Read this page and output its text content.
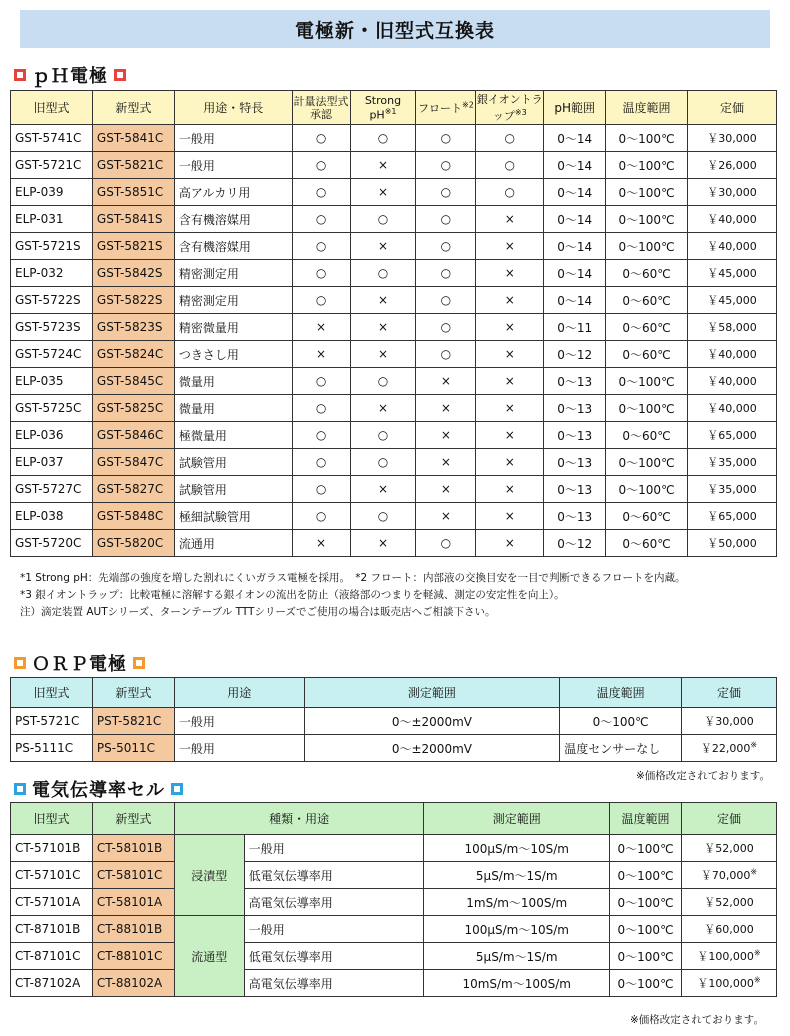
電極新・旧型式互換表
ｐＨ電極
旧型式	新型式	用途・特長	計量法型式承認	Strong $pH^{※1}$	フロート$^{※2}$	銀イオントラップ$^{※3}$	pH範囲	温度範囲	定価
GST-5741C	GST-5841C	一般用	○	○	○	○	0〜14	0〜100℃	￥30,000
GST-5721C	GST-5821C	一般用	○	×	○	○	0〜14	0〜100℃	￥26,000
ELP-039	GST-5851C	高アルカリ用	○	×	○	○	0〜14	0〜100℃	￥30,000
ELP-031	GST-5841S	含有機溶媒用	○	○	○	×	0〜14	0〜100℃	￥40,000
GST-5721S	GST-5821S	含有機溶媒用	○	×	○	×	0〜14	0〜100℃	￥40,000
ELP-032	GST-5842S	精密測定用	○	○	○	×	0〜14	0〜60℃	￥45,000
GST-5722S	GST-5822S	精密測定用	○	×	○	×	0〜14	0〜60℃	￥45,000
GST-5723S	GST-5823S	精密微量用	×	×	○	×	0〜11	0〜60℃	￥58,000
GST-5724C	GST-5824C	つきさし用	×	×	○	×	0〜12	0〜60℃	￥40,000
ELP-035	GST-5845C	微量用	○	○	×	×	0〜13	0〜100℃	￥40,000
GST-5725C	GST-5825C	微量用	○	×	×	×	0〜13	0〜100℃	￥40,000
ELP-036	GST-5846C	極微量用	○	○	×	×	0〜13	0〜60℃	￥65,000
ELP-037	GST-5847C	試験管用	○	○	×	×	0〜13	0〜100℃	￥35,000
GST-5727C	GST-5827C	試験管用	○	×	×	×	0〜13	0〜100℃	￥35,000
ELP-038	GST-5848C	極細試験管用	○	○	×	×	0〜13	0〜60℃	￥65,000
GST-5720C	GST-5820C	流通用	×	×	○	×	0〜12	0〜60℃	￥50,000
*1 Strong pH：先端部の強度を増した割れにくいガラス電極を採用。　*2 フロート：内部液の交換目安を一目で判断できるフロートを内蔵。
*3 銀イオントラップ：比較電極に溶解する銀イオンの流出を防止（液絡部のつまりを軽減、測定の安定性を向上）。
注）滴定装置 AUTシリーズ、ターンテーブル TTTシリーズでご使用の場合は販売店へご相談下さい。
ＯＲＰ電極
旧型式	新型式	用途	測定範囲	温度範囲	定価
PST-5721C	PST-5821C	一般用	0〜±2000mV	0〜100℃	￥30,000
PS-5111C	PS-5011C	一般用	0〜±2000mV	温度センサーなし	￥22,000※
電気伝導率セル
※価格改定されております。
旧型式	新型式	種類・用途		測定範囲	温度範囲	定価
CT-57101B	CT-58101B	浸漬型	一般用	100μS/m〜10S/m	0〜100℃	￥52,000
CT-57101C	CT-58101C		低電気伝導率用	5μS/m〜1S/m	0〜100℃	￥70,000※
CT-57101A	CT-58101A		高電気伝導率用	1mS/m〜100S/m	0〜100℃	￥52,000
CT-87101B	CT-88101B	流通型	一般用	100μS/m〜10S/m	0〜100℃	￥60,000
CT-87101C	CT-88101C		低電気伝導率用	5μS/m〜1S/m	0〜100℃	￥100,000※
CT-87102A	CT-88102A		高電気伝導率用	10mS/m〜100S/m	0〜100℃	￥100,000※
※価格改定されております。
